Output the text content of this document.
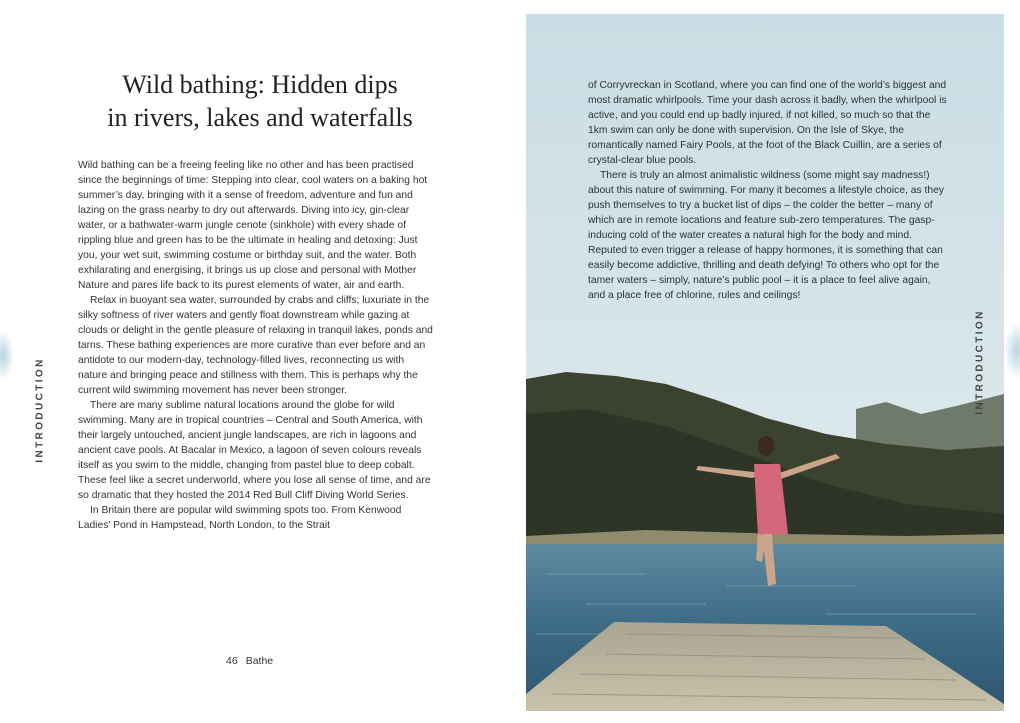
Wild bathing: Hidden dips
in rivers, lakes and waterfalls

Wild bathing can be a freeing feeling like no other and has been practised since the beginnings of time: Stepping into clear, cool waters on a baking hot summer’s day, bringing with it a sense of freedom, adventure and fun and lazing on the grass nearby to dry out afterwards. Diving into icy, gin-clear water, or a bathwater-warm jungle cenote (sinkhole) with every shade of rippling blue and green has to be the ultimate in healing and detoxing: Just you, your wet suit, swimming costume or birthday suit, and the water. Both exhilarating and energising, it brings us up close and personal with Mother Nature and pares life back to its purest elements of water, air and earth.

Relax in buoyant sea water, surrounded by crabs and cliffs; luxuriate in the silky softness of river waters and gently float downstream while gazing at clouds or delight in the gentle pleasure of relaxing in tranquil lakes, ponds and tarns. These bathing experiences are more curative than ever before and an antidote to our modern-day, technology-filled lives, reconnecting us with nature and bringing peace and stillness with them. This is perhaps why the current wild swimming movement has never been stronger.

There are many sublime natural locations around the globe for wild swimming. Many are in tropical countries – Central and South America, with their largely untouched, ancient jungle landscapes, are rich in lagoons and ancient cave pools. At Bacalar in Mexico, a lagoon of seven colours reveals itself as you swim to the middle, changing from pastel blue to deep cobalt. These feel like a secret underworld, where you lose all sense of time, and are so dramatic that they hosted the 2014 Red Bull Cliff Diving World Series.

In Britain there are popular wild swimming spots too. From Kenwood Ladies’ Pond in Hampstead, North London, to the Strait

46 Bathe
INTRODUCTION

of Corryvreckan in Scotland, where you can find one of the world’s biggest and most dramatic whirlpools. Time your dash across it badly, when the whirlpool is active, and you could end up badly injured, if not killed, so much so that the 1km swim can only be done with supervision. On the Isle of Skye, the romantically named Fairy Pools, at the foot of the Black Cuillin, are a series of crystal-clear blue pools.

There is truly an almost animalistic wildness (some might say madness!) about this nature of swimming. For many it becomes a lifestyle choice, as they push themselves to try a bucket list of dips – the colder the better – many of which are in remote locations and feature sub-zero temperatures. The gasp-inducing cold of the water creates a natural high for the body and mind. Reputed to even trigger a release of happy hormones, it is something that can easily become addictive, thrilling and death defying! To others who opt for the tamer waters – simply, nature’s public pool – it is a place to feel alive again, and a place free of chlorine, rules and ceilings!

INTRODUCTION
